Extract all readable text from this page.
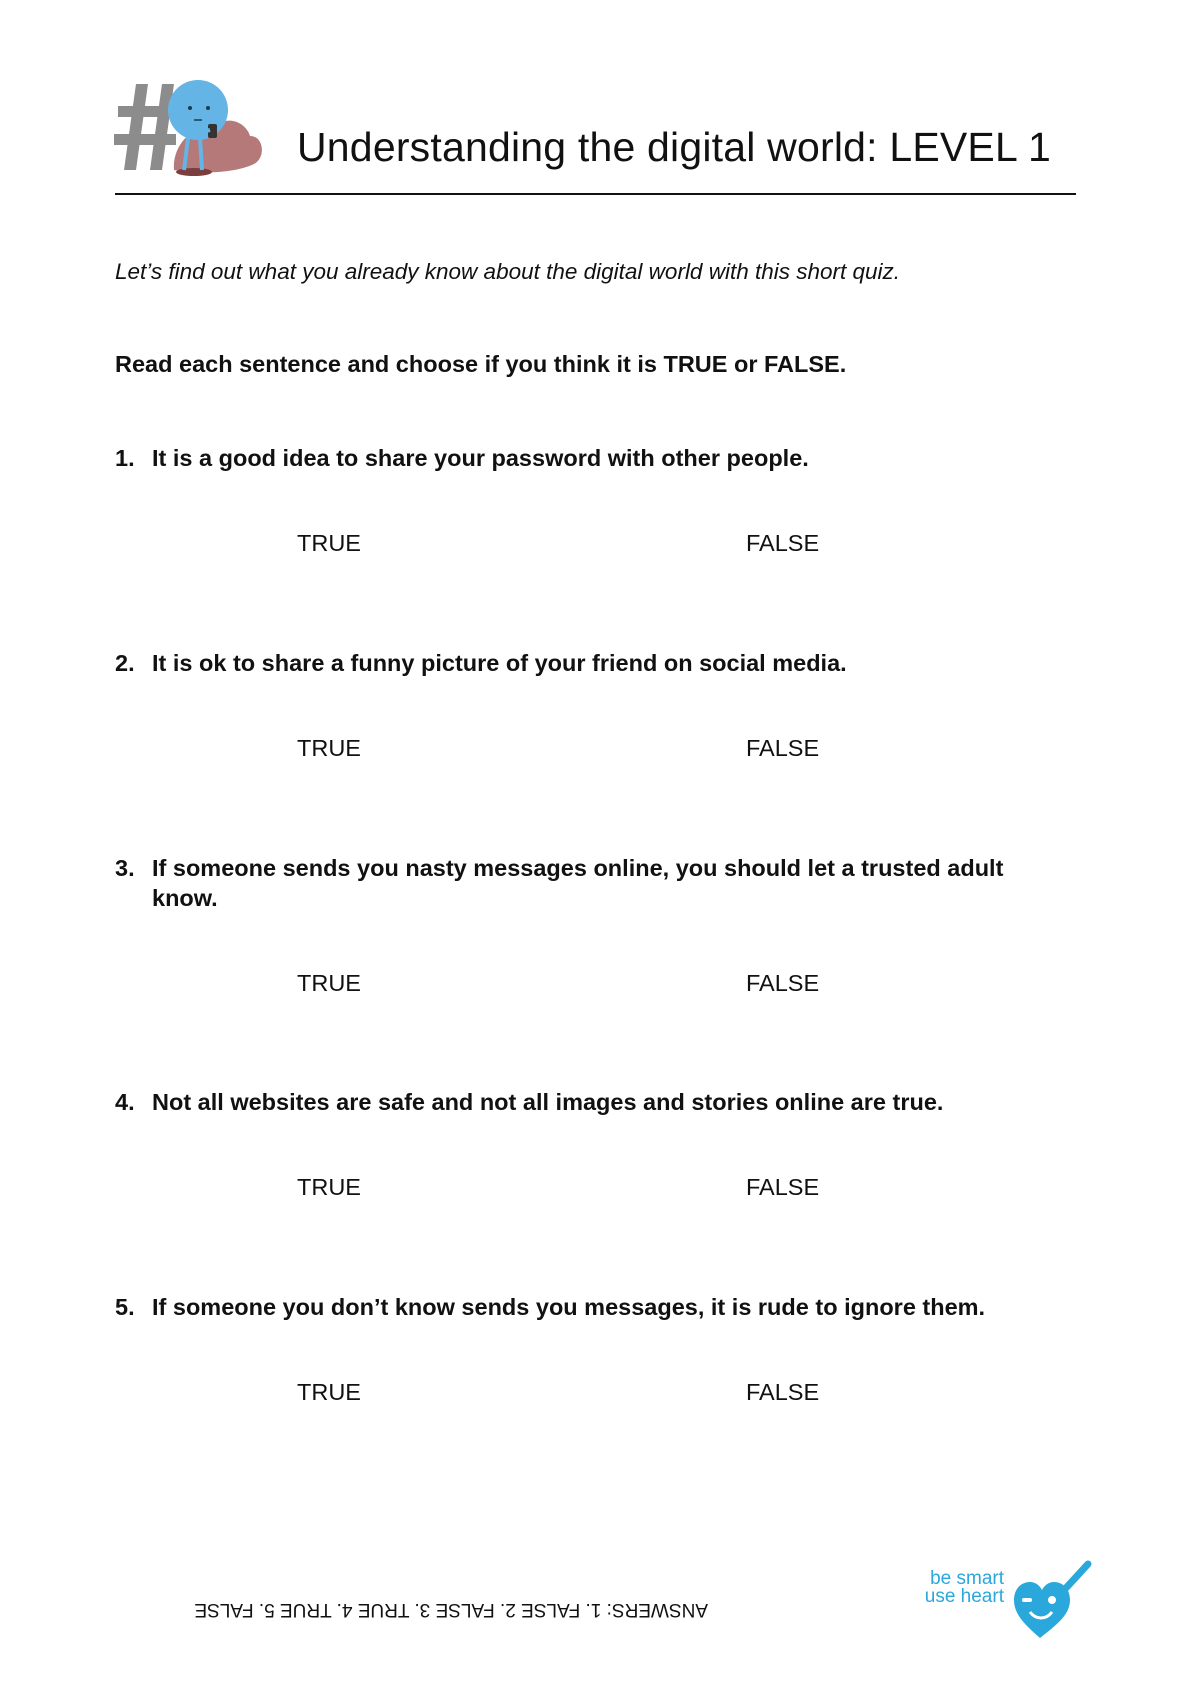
Understanding the digital world: LEVEL 1

Let’s find out what you already know about the digital world with this short quiz.

Read each sentence and choose if you think it is TRUE or FALSE.

1. It is a good idea to share your password with other people.
TRUE	FALSE
2. It is ok to share a funny picture of your friend on social media.
TRUE	FALSE
3. If someone sends you nasty messages online, you should let a trusted adult know.
TRUE	FALSE
4. Not all websites are safe and not all images and stories online are true.
TRUE	FALSE
5. If someone you don’t know sends you messages, it is rude to ignore them.
TRUE	FALSE
ANSWERS: 1. FALSE 2. FALSE 3. TRUE 4. TRUE 5. FALSE
be smart
use heart
